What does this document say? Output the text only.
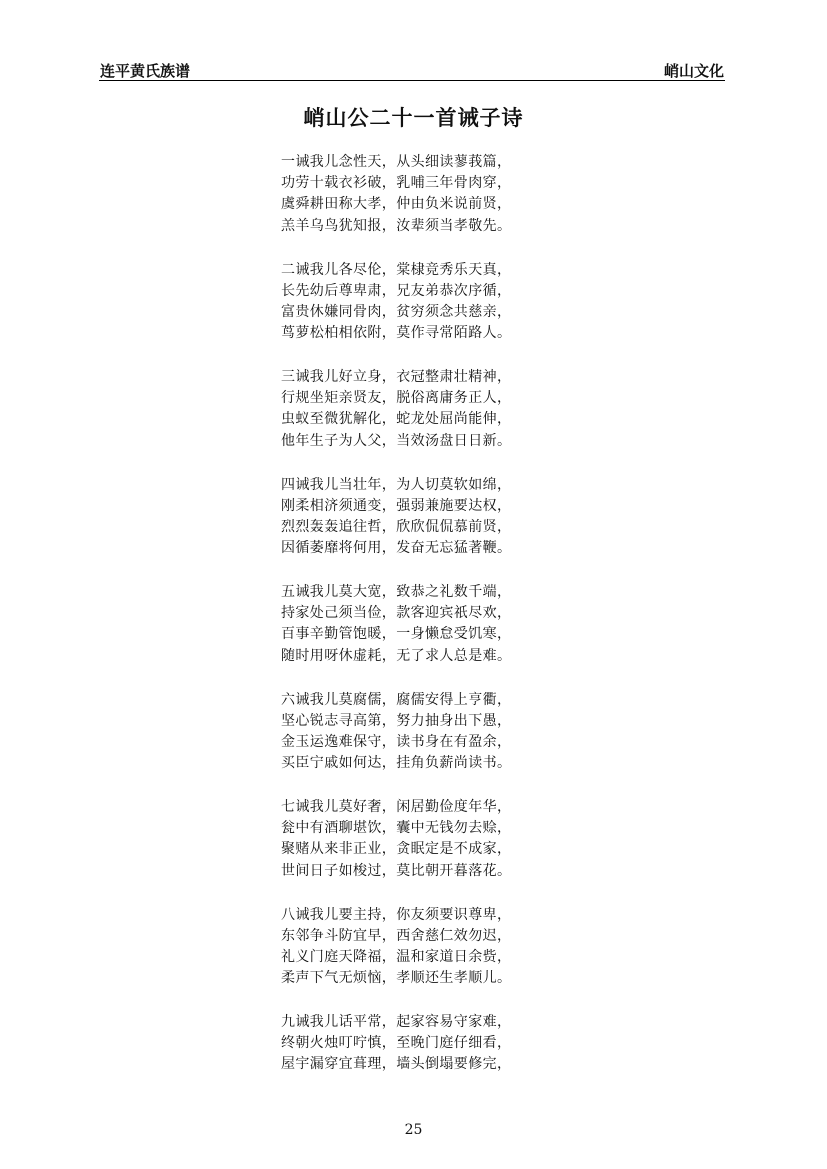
连平黄氏族谱	峭山文化
峭山公二十一首诫子诗
一诫我儿念性天，从头细读蓼莪篇，
功劳十载衣衫破，乳哺三年骨肉穿，
虞舜耕田称大孝，仲由负米说前贤，
羔羊乌鸟犹知报，汝辈须当孝敬先。
二诫我儿各尽伦，棠棣竞秀乐天真，
长先幼后尊卑肃，兄友弟恭次序循，
富贵休嫌同骨肉，贫穷须念共慈亲，
茑萝松柏相依附，莫作寻常陌路人。
三诫我儿好立身，衣冠整肃壮精神，
行规坐矩亲贤友，脱俗离庸务正人，
虫蚁至微犹解化，蛇龙处屈尚能伸，
他年生子为人父，当效汤盘日日新。
四诫我儿当壮年，为人切莫软如绵，
刚柔相济须通变，强弱兼施要达权，
烈烈轰轰追往哲，欣欣侃侃慕前贤，
因循萎靡将何用，发奋无忘猛著鞭。
五诫我儿莫大宽，致恭之礼数千端，
持家处己须当俭，款客迎宾祇尽欢，
百事辛勤管饱暖，一身懒怠受饥寒，
随时用呀休虚耗，无了求人总是难。
六诫我儿莫腐儒，腐儒安得上亨衢，
坚心锐志寻高第，努力抽身出下愚，
金玉运逸难保守，读书身在有盈余，
买臣宁戚如何达，挂角负薪尚读书。
七诫我儿莫好奢，闲居勤俭度年华，
瓮中有酒聊堪饮，囊中无钱勿去赊，
聚赌从来非正业，贪眠定是不成家，
世间日子如梭过，莫比朝开暮落花。
八诫我儿要主持，你友须要识尊卑，
东邻争斗防宜早，西舍慈仁效勿迟，
礼义门庭天降福，温和家道日余赀，
柔声下气无烦恼，孝顺还生孝顺儿。
九诫我儿话平常，起家容易守家难，
终朝火烛叮咛慎，至晚门庭仔细看，
屋宇漏穿宜葺理，墙头倒塌要修完，
25
